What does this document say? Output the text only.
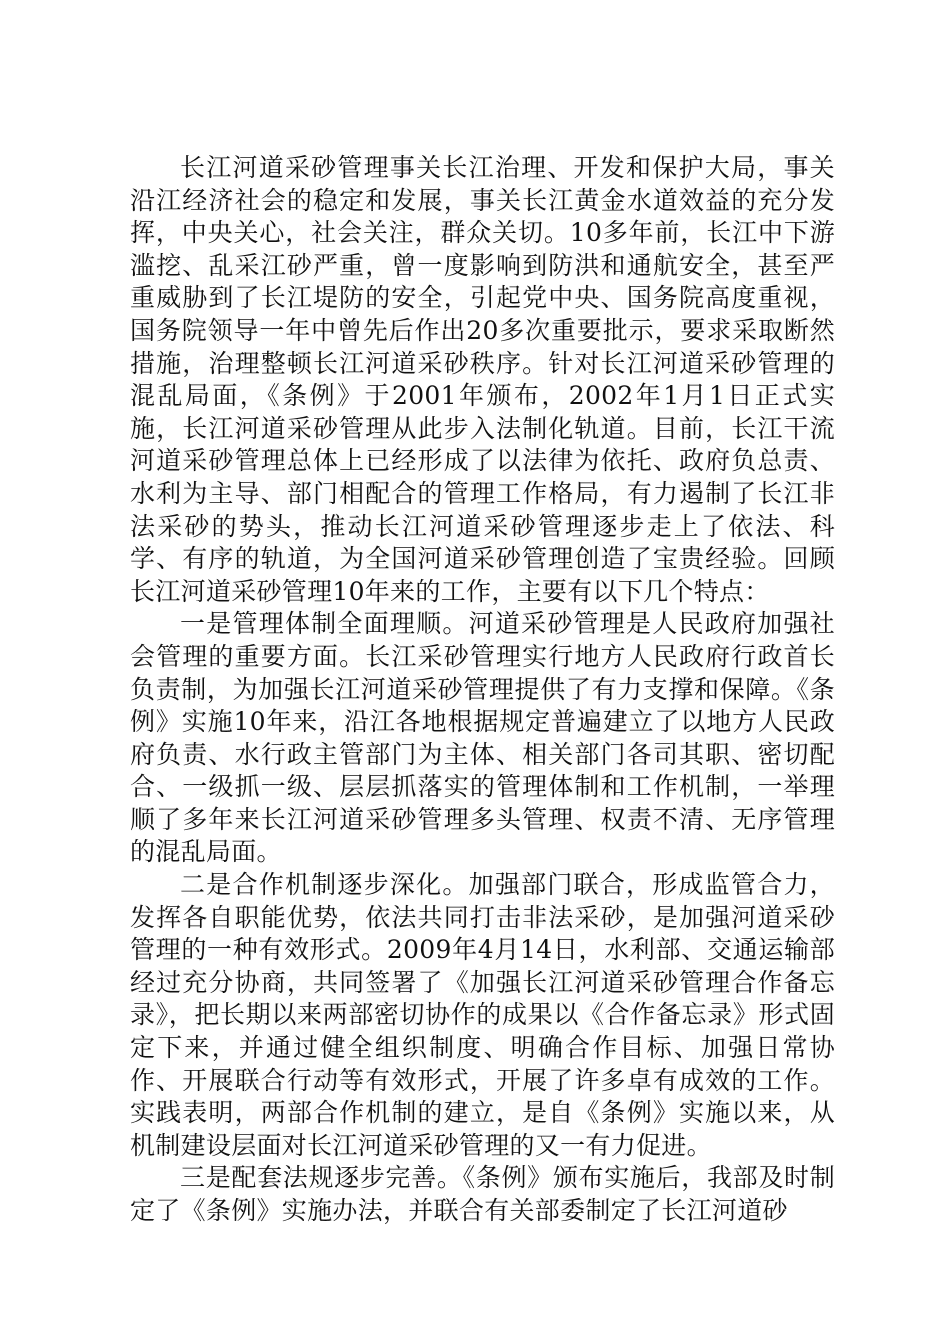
长江河道采砂管理事关长江治理、开发和保护大局，事关沿江经济社会的稳定和发展，事关长江黄金水道效益的充分发挥，中央关心，社会关注，群众关切。10多年前，长江中下游滥挖、乱采江砂严重，曾一度影响到防洪和通航安全，甚至严重威胁到了长江堤防的安全，引起党中央、国务院高度重视，国务院领导一年中曾先后作出20多次重要批示，要求采取断然措施，治理整顿长江河道采砂秩序。针对长江河道采砂管理的混乱局面，《条例》于2001年颁布，2002年1月1日正式实施，长江河道采砂管理从此步入法制化轨道。目前，长江干流河道采砂管理总体上已经形成了以法律为依托、政府负总责、水利为主导、部门相配合的管理工作格局，有力遏制了长江非法采砂的势头，推动长江河道采砂管理逐步走上了依法、科学、有序的轨道，为全国河道采砂管理创造了宝贵经验。回顾长江河道采砂管理10年来的工作，主要有以下几个特点：

一是管理体制全面理顺。河道采砂管理是人民政府加强社会管理的重要方面。长江采砂管理实行地方人民政府行政首长负责制，为加强长江河道采砂管理提供了有力支撑和保障。《条例》实施10年来，沿江各地根据规定普遍建立了以地方人民政府负责、水行政主管部门为主体、相关部门各司其职、密切配合、一级抓一级、层层抓落实的管理体制和工作机制，一举理顺了多年来长江河道采砂管理多头管理、权责不清、无序管理的混乱局面。

二是合作机制逐步深化。加强部门联合，形成监管合力，发挥各自职能优势，依法共同打击非法采砂，是加强河道采砂管理的一种有效形式。2009年4月14日，水利部、交通运输部经过充分协商，共同签署了《加强长江河道采砂管理合作备忘录》，把长期以来两部密切协作的成果以《合作备忘录》形式固定下来，并通过健全组织制度、明确合作目标、加强日常协作、开展联合行动等有效形式，开展了许多卓有成效的工作。实践表明，两部合作机制的建立，是自《条例》实施以来，从机制建设层面对长江河道采砂管理的又一有力促进。

三是配套法规逐步完善。《条例》颁布实施后，我部及时制定了《条例》实施办法，并联合有关部委制定了长江河道砂
